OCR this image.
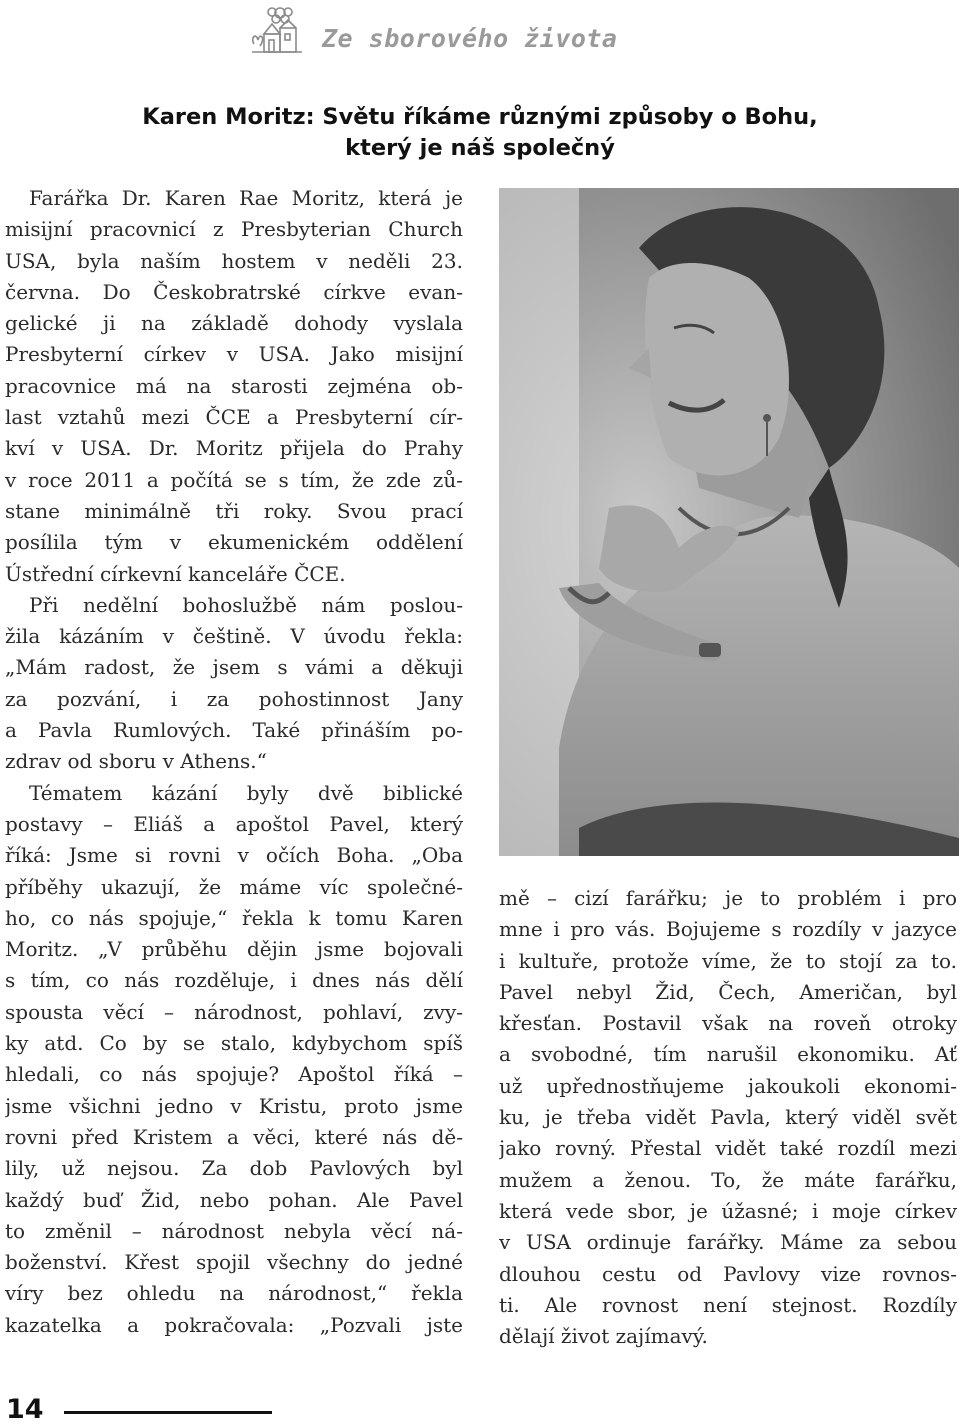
Ze sborového života
Karen Moritz: Světu říkáme různými způsoby o Bohu,
který je náš společný
Farářka Dr. Karen Rae Moritz, která je
misijní pracovnicí z Presbyterian Church
USA, byla naším hostem v neděli 23.
června. Do Českobratrské církve evan-
gelické ji na základě dohody vyslala
Presbyterní církev v USA. Jako misijní
pracovnice má na starosti zejména ob-
last vztahů mezi ČCE a Presbyterní cír-
kví v USA. Dr. Moritz přijela do Prahy
v roce 2011 a počítá se s tím, že zde zů-
stane minimálně tři roky. Svou prací
posílila tým v ekumenickém oddělení
Ústřední církevní kanceláře ČCE.
Při nedělní bohoslužbě nám poslou-
žila kázáním v češtině. V úvodu řekla:
„Mám radost, že jsem s vámi a děkuji
za pozvání, i za pohostinnost Jany
a Pavla Rumlových. Také přináším po-
zdrav od sboru v Athens.“
Tématem kázání byly dvě biblické
postavy – Eliáš a apoštol Pavel, který
říká: Jsme si rovni v očích Boha. „Oba
příběhy ukazují, že máme víc společné-
ho, co nás spojuje,“ řekla k tomu Karen
Moritz. „V průběhu dějin jsme bojovali
s tím, co nás rozděluje, i dnes nás dělí
spousta věcí – národnost, pohlaví, zvy-
ky atd. Co by se stalo, kdybychom spíš
hledali, co nás spojuje? Apoštol říká –
jsme všichni jedno v Kristu, proto jsme
rovni před Kristem a věci, které nás dě-
lily, už nejsou. Za dob Pavlových byl
každý buď Žid, nebo pohan. Ale Pavel
to změnil – národnost nebyla věcí ná-
boženství. Křest spojil všechny do jedné
víry bez ohledu na národnost,“ řekla
kazatelka a pokračovala: „Pozvali jste
mě – cizí farářku; je to problém i pro
mne i pro vás. Bojujeme s rozdíly v jazyce
i kultuře, protože víme, že to stojí za to.
Pavel nebyl Žid, Čech, Američan, byl
křesťan. Postavil však na roveň otroky
a svobodné, tím narušil ekonomiku. Ať
už upřednostňujeme jakoukoli ekonomi-
ku, je třeba vidět Pavla, který viděl svět
jako rovný. Přestal vidět také rozdíl mezi
mužem a ženou. To, že máte farářku,
která vede sbor, je úžasné; i moje církev
v USA ordinuje farářky. Máme za sebou
dlouhou cestu od Pavlovy vize rovnos-
ti. Ale rovnost není stejnost. Rozdíly
dělají život zajímavý.
14
